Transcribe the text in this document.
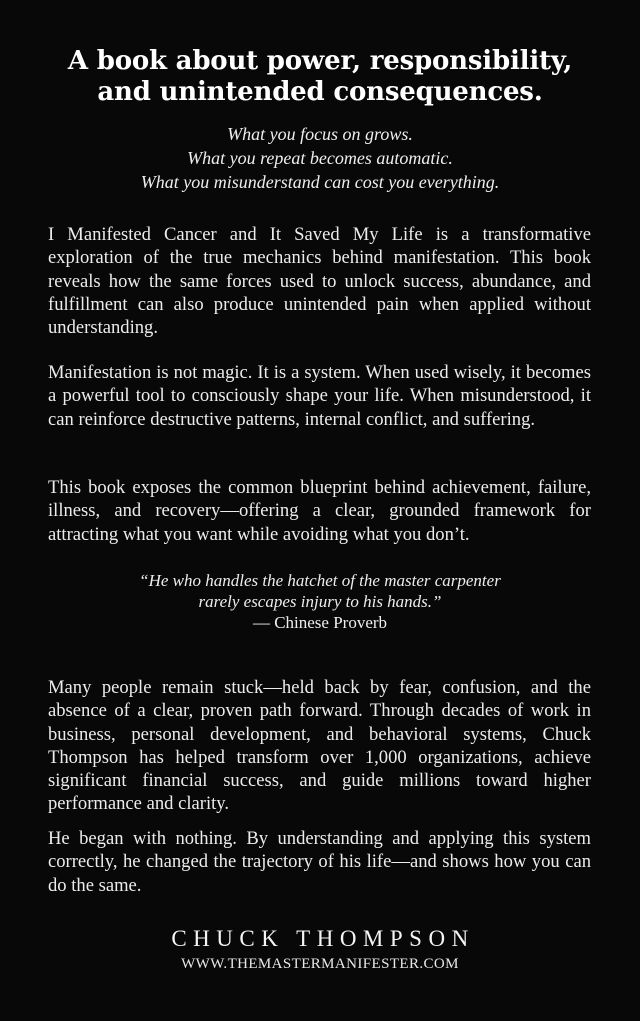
A book about power, responsibility,
and unintended consequences.
What you focus on grows.
What you repeat becomes automatic.
What you misunderstand can cost you everything.

I Manifested Cancer and It Saved My Life is a transformative exploration of the true mechanics behind manifestation. This book reveals how the same forces used to unlock success, abundance, and fulfillment can also produce unintended pain when applied without understanding.

Manifestation is not magic. It is a system. When used wisely, it becomes a powerful tool to consciously shape your life. When misunderstood, it can reinforce destructive patterns, internal conflict, and suffering.

This book exposes the common blueprint behind achievement, failure, illness, and recovery—offering a clear, grounded framework for attracting what you want while avoiding what you don’t.

“He who handles the hatchet of the master carpenter
rarely escapes injury to his hands.”
— Chinese Proverb

Many people remain stuck—held back by fear, confusion, and the absence of a clear, proven path forward. Through decades of work in business, personal development, and behavioral systems, Chuck Thompson has helped transform over 1,000 organizations, achieve significant financial success, and guide millions toward higher performance and clarity.

He began with nothing. By understanding and applying this system correctly, he changed the trajectory of his life—and shows how you can do the same.

CHUCK THOMPSON
WWW.THEMASTERMANIFESTER.COM
